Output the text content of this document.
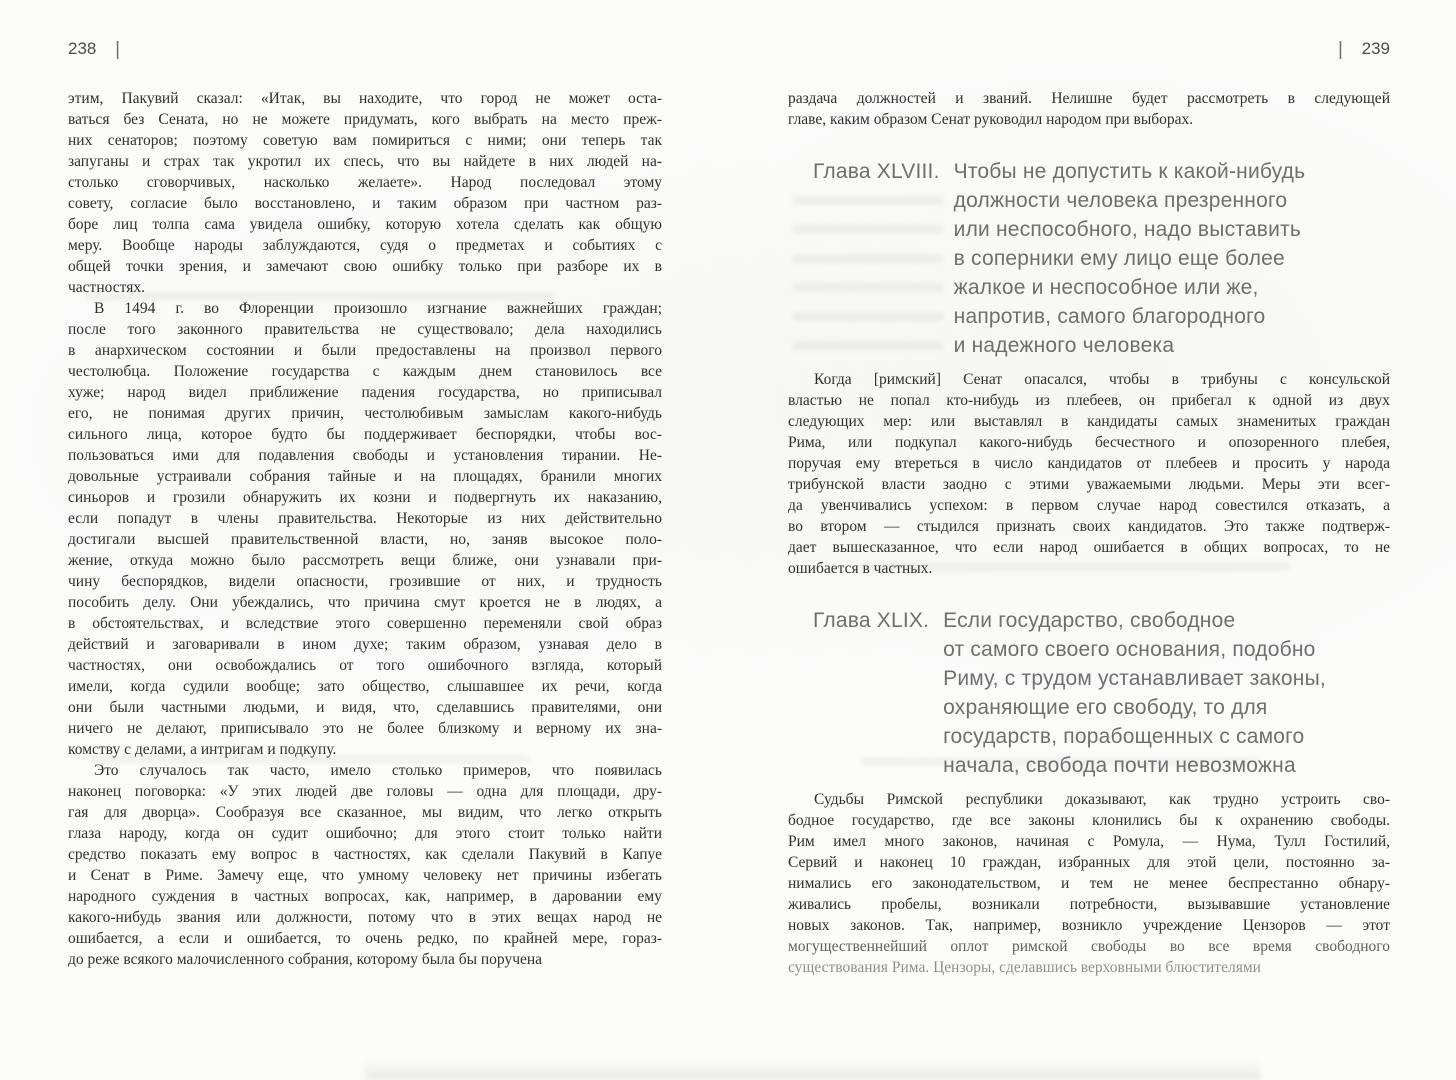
238 |
этим, Пакувий сказал: «Итак, вы находите, что город не может оста-
ваться без Сената, но не можете придумать, кого выбрать на место преж-
них сенаторов; поэтому советую вам помириться с ними; они теперь так
запуганы и страх так укротил их спесь, что вы найдете в них людей на-
столько сговорчивых, насколько желаете». Народ последовал этому
совету, согласие было восстановлено, и таким образом при частном раз-
боре лиц толпа сама увидела ошибку, которую хотела сделать как общую
меру. Вообще народы заблуждаются, судя о предметах и событиях с
общей точки зрения, и замечают свою ошибку только при разборе их в
частностях.
В 1494 г. во Флоренции произошло изгнание важнейших граждан;
после того законного правительства не существовало; дела находились
в анархическом состоянии и были предоставлены на произвол первого
честолюбца. Положение государства с каждым днем становилось все
хуже; народ видел приближение падения государства, но приписывал
его, не понимая других причин, честолюбивым замыслам какого-нибудь
сильного лица, которое будто бы поддерживает беспорядки, чтобы вос-
пользоваться ими для подавления свободы и установления тирании. Не-
довольные устраивали собрания тайные и на площадях, бранили многих
синьоров и грозили обнаружить их козни и подвергнуть их наказанию,
если попадут в члены правительства. Некоторые из них действительно
достигали высшей правительственной власти, но, заняв высокое поло-
жение, откуда можно было рассмотреть вещи ближе, они узнавали при-
чину беспорядков, видели опасности, грозившие от них, и трудность
пособить делу. Они убеждались, что причина смут кроется не в людях, а
в обстоятельствах, и вследствие этого совершенно переменяли свой образ
действий и заговаривали в ином духе; таким образом, узнавая дело в
частностях, они освобождались от того ошибочного взгляда, который
имели, когда судили вообще; зато общество, слышавшее их речи, когда
они были частными людьми, и видя, что, сделавшись правителями, они
ничего не делают, приписывало это не более близкому и верному их зна-
комству с делами, а интригам и подкупу.
Это случалось так часто, имело столько примеров, что появилась
наконец поговорка: «У этих людей две головы — одна для площади, дру-
гая для дворца». Сообразуя все сказанное, мы видим, что легко открыть
глаза народу, когда он судит ошибочно; для этого стоит только найти
средство показать ему вопрос в частностях, как сделали Пакувий в Капуе
и Сенат в Риме. Замечу еще, что умному человеку нет причины избегать
народного суждения в частных вопросах, как, например, в даровании ему
какого-нибудь звания или должности, потому что в этих вещах народ не
ошибается, а если и ошибается, то очень редко, по крайней мере, гораз-
до реже всякого малочисленного собрания, которому была бы поручена
| 239
раздача должностей и званий. Нелишне будет рассмотреть в следующей
главе, каким образом Сенат руководил народом при выборах.
Глава XLVIII. Чтобы не допустить к какой-нибудь
должности человека презренного
или неспособного, надо выставить
в соперники ему лицо еще более
жалкое и неспособное или же,
напротив, самого благородного
и надежного человека
Когда [римский] Сенат опасался, чтобы в трибуны с консульской
властью не попал кто-нибудь из плебеев, он прибегал к одной из двух
следующих мер: или выставлял в кандидаты самых знаменитых граждан
Рима, или подкупал какого-нибудь бесчестного и опозоренного плебея,
поручая ему втереться в число кандидатов от плебеев и просить у народа
трибунской власти заодно с этими уважаемыми людьми. Меры эти всег-
да увенчивались успехом: в первом случае народ совестился отказать, а
во втором — стыдился признать своих кандидатов. Это также подтверж-
дает вышесказанное, что если народ ошибается в общих вопросах, то не
ошибается в частных.
Глава XLIX. Если государство, свободное
от самого своего основания, подобно
Риму, с трудом устанавливает законы,
охраняющие его свободу, то для
государств, порабощенных с самого
начала, свобода почти невозможна
Судьбы Римской республики доказывают, как трудно устроить сво-
бодное государство, где все законы клонились бы к охранению свободы.
Рим имел много законов, начиная с Ромула, — Нума, Тулл Гостилий,
Сервий и наконец 10 граждан, избранных для этой цели, постоянно за-
нимались его законодательством, и тем не менее беспрестанно обнару-
живались пробелы, возникали потребности, вызывавшие установление
новых законов. Так, например, возникло учреждение Цензоров — этот
могущественнейший оплот римской свободы во все время свободного
существования Рима. Цензоры, сделавшись верховными блюстителями
